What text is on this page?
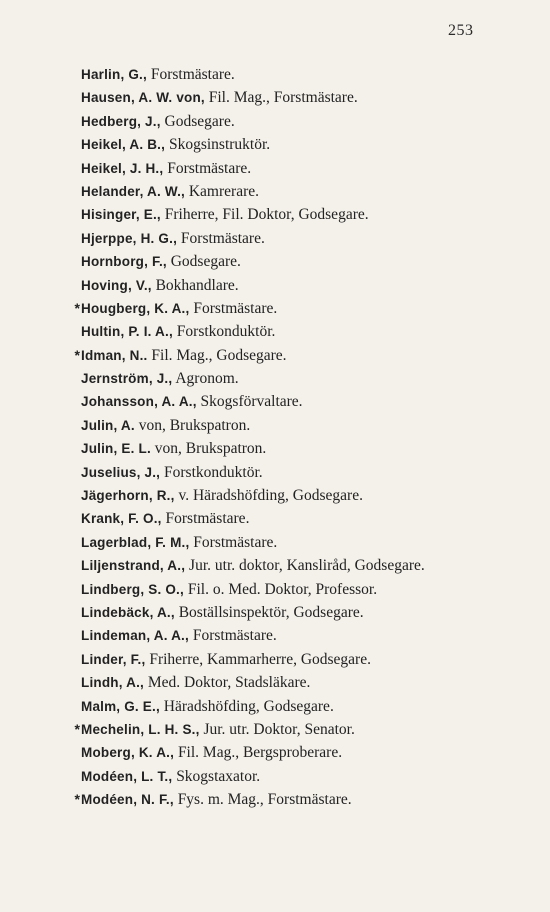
253
Harlin, G., Forstmästare.
Hausen, A. W. von, Fil. Mag., Forstmästare.
Hedberg, J., Godsegare.
Heikel, A. B., Skogsinstruktör.
Heikel, J. H., Forstmästare.
Helander, A. W., Kamrerare.
Hisinger, E., Friherre, Fil. Doktor, Godsegare.
Hjerppe, H. G., Forstmästare.
Hornborg, F., Godsegare.
Hoving, V., Bokhandlare.
*Hougberg, K. A., Forstmästare.
Hultin, P. I. A., Forstkonduktör.
*Idman, N.. Fil. Mag., Godsegare.
Jernström, J., Agronom.
Johansson, A. A., Skogsförvaltare.
Julin, A. von, Brukspatron.
Julin, E. L. von, Brukspatron.
Juselius, J., Forstkonduktör.
Jägerhorn, R., v. Häradshöfding, Godsegare.
Krank, F. O., Forstmästare.
Lagerblad, F. M., Forstmästare.
Liljenstrand, A., Jur. utr. doktor, Kansliråd, Godsegare.
Lindberg, S. O., Fil. o. Med. Doktor, Professor.
Lindebäck, A., Boställsinspektör, Godsegare.
Lindeman, A. A., Forstmästare.
Linder, F., Friherre, Kammarherre, Godsegare.
Lindh, A., Med. Doktor, Stadsläkare.
Malm, G. E., Häradshöfding, Godsegare.
*Mechelin, L. H. S., Jur. utr. Doktor, Senator.
Moberg, K. A., Fil. Mag., Bergsproberare.
Modéen, L. T., Skogstaxator.
*Modéen, N. F., Fys. m. Mag., Forstmästare.
